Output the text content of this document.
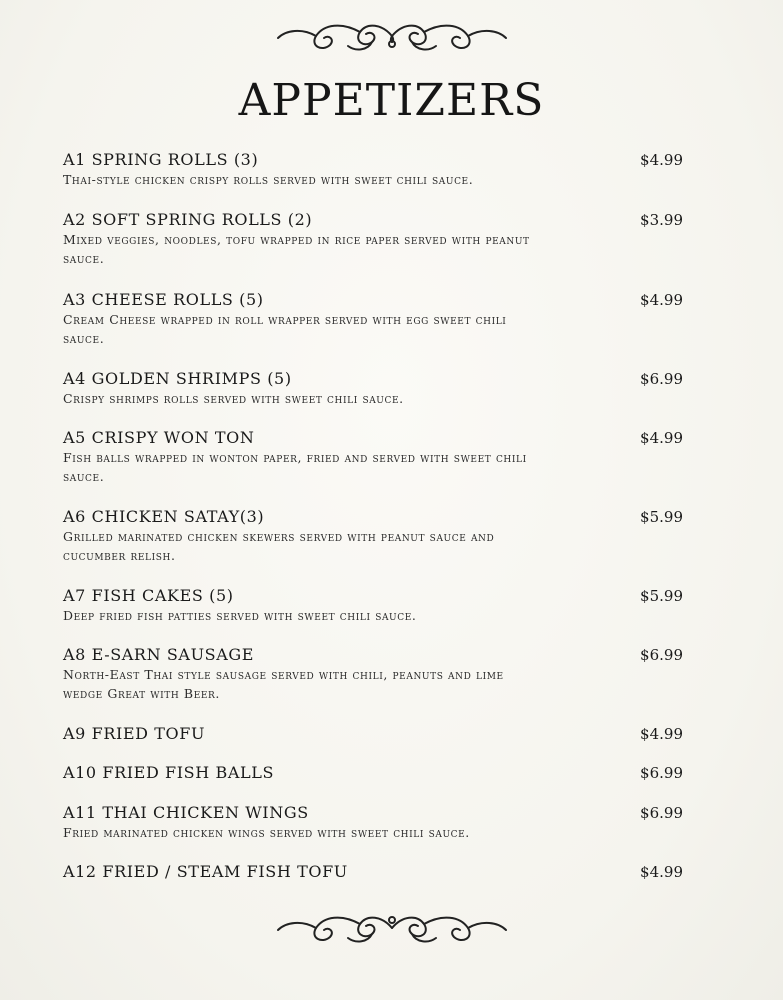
APPETIZERS
A1 SPRING ROLLS (3)	$4.99
Thai-style chicken crispy rolls served with sweet chili sauce.
A2 SOFT SPRING ROLLS (2)	$3.99
Mixed veggies, noodles, tofu wrapped in rice paper served with peanut sauce.
A3 CHEESE ROLLS (5)	$4.99
Cream Cheese wrapped in roll wrapper served with egg sweet chili sauce.
A4 GOLDEN SHRIMPS (5)	$6.99
Crispy shrimps rolls served with sweet chili sauce.
A5 CRISPY WON TON	$4.99
Fish balls wrapped in wonton paper, fried and served with sweet chili sauce.
A6 CHICKEN SATAY(3)	$5.99
Grilled marinated chicken skewers served with peanut sauce and cucumber relish.
A7 FISH CAKES (5)	$5.99
Deep fried fish patties served with sweet chili sauce.
A8 E-SARN SAUSAGE	$6.99
North-East Thai style sausage served with chili, peanuts and lime wedge Great with Beer.
A9 FRIED TOFU	$4.99
A10 FRIED FISH BALLS	$6.99
A11 THAI CHICKEN WINGS	$6.99
Fried marinated chicken wings served with sweet chili sauce.
A12 FRIED / STEAM FISH TOFU	$4.99
